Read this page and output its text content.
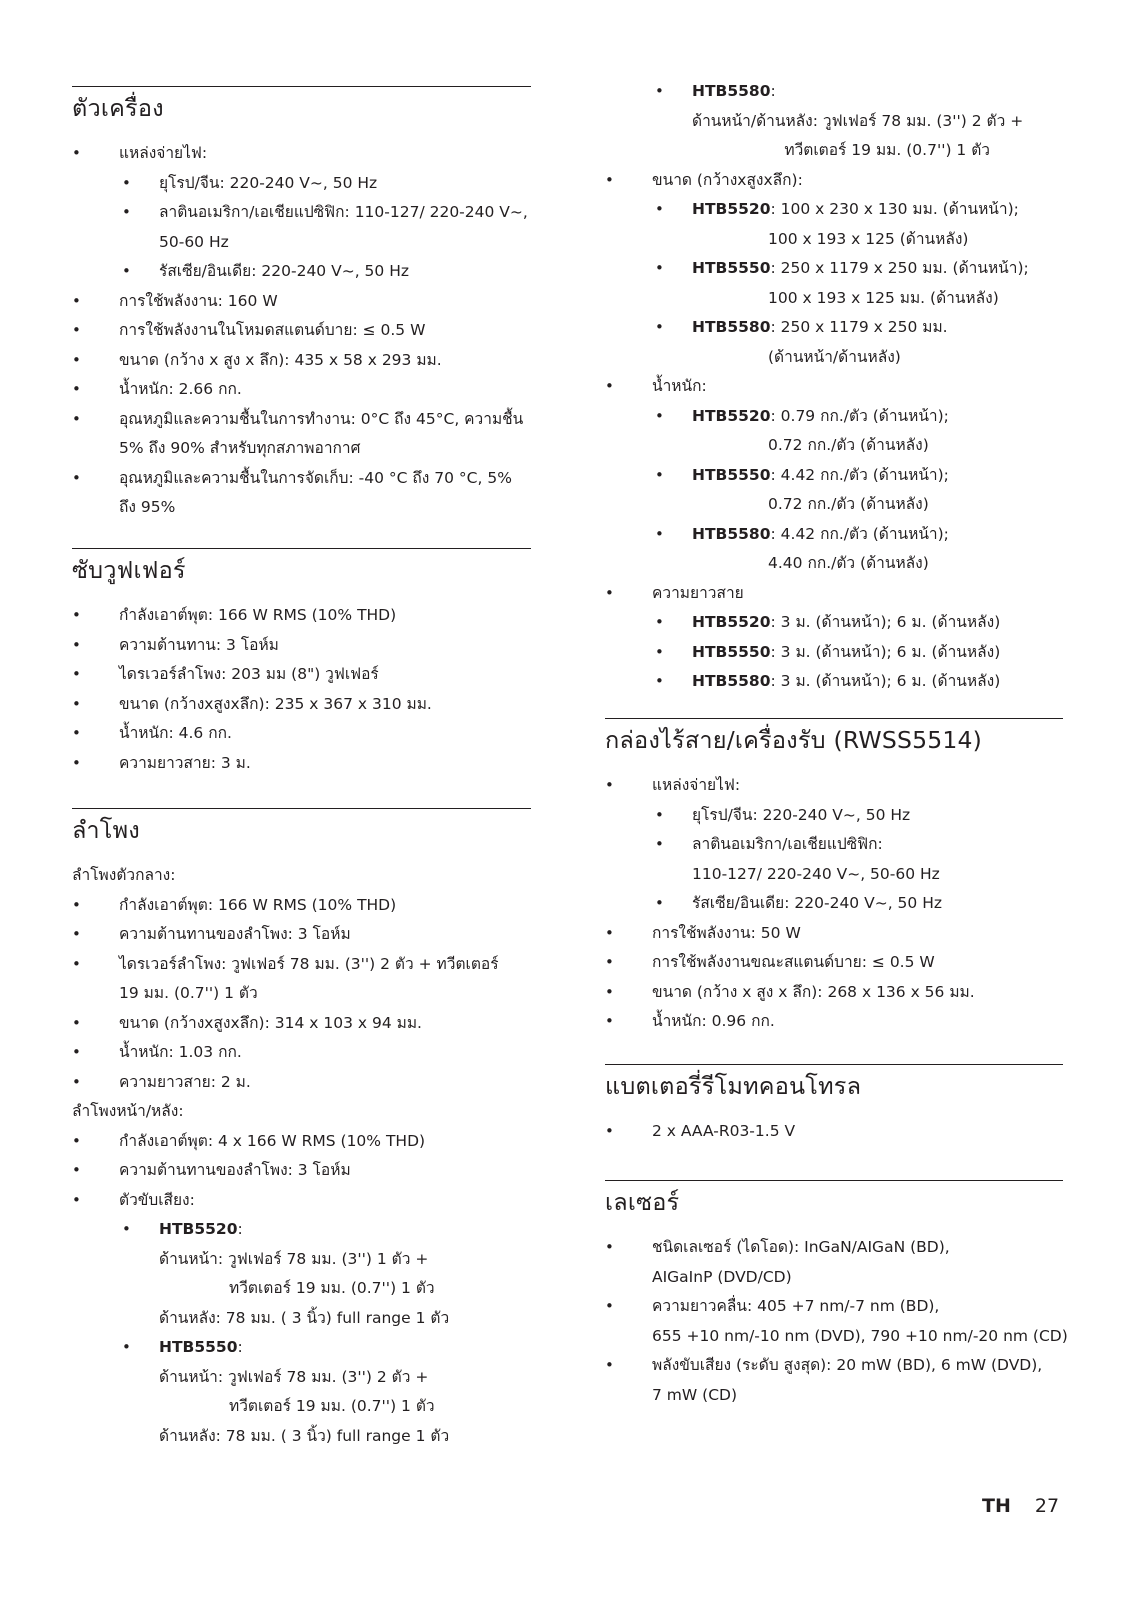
ตัวเครื่อง
• แหล่งจ่ายไฟ:
• ยุโรป/จีน: 220-240 V~, 50 Hz
• ลาตินอเมริกา/เอเชียแปซิฟิก: 110-127/ 220-240 V~,
50-60 Hz
• รัสเซีย/อินเดีย: 220-240 V~, 50 Hz
• การใช้พลังงาน: 160 W
• การใช้พลังงานในโหมดสแตนด์บาย: ≤ 0.5 W
• ขนาด (กว้าง x สูง x ลึก): 435 x 58 x 293 มม.
• น้ำหนัก: 2.66 กก.
• อุณหภูมิและความชื้นในการทำงาน: 0°C ถึง 45°C, ความชื้น
5% ถึง 90% สำหรับทุกสภาพอากาศ
• อุณหภูมิและความชื้นในการจัดเก็บ: -40 °C ถึง 70 °C, 5%
ถึง 95%
ซับวูฟเฟอร์
• กำลังเอาต์พุต: 166 W RMS (10% THD)
• ความต้านทาน: 3 โอห์ม
• ไดรเวอร์ลำโพง: 203 มม (8") วูฟเฟอร์
• ขนาด (กว้างxสูงxลึก): 235 x 367 x 310 มม.
• น้ำหนัก: 4.6 กก.
• ความยาวสาย: 3 ม.
ลำโพง
ลำโพงตัวกลาง:
• กำลังเอาต์พุต: 166 W RMS (10% THD)
• ความต้านทานของลำโพง: 3 โอห์ม
• ไดรเวอร์ลำโพง: วูฟเฟอร์ 78 มม. (3'') 2 ตัว + ทวีตเตอร์
19 มม. (0.7'') 1 ตัว
• ขนาด (กว้างxสูงxลึก): 314 x 103 x 94 มม.
• น้ำหนัก: 1.03 กก.
• ความยาวสาย: 2 ม.
ลำโพงหน้า/หลัง:
• กำลังเอาต์พุต: 4 x 166 W RMS (10% THD)
• ความต้านทานของลำโพง: 3 โอห์ม
• ตัวขับเสียง:
• HTB5520:
ด้านหน้า: วูฟเฟอร์ 78 มม. (3'') 1 ตัว +
ทวีตเตอร์ 19 มม. (0.7'') 1 ตัว
ด้านหลัง: 78 มม. ( 3 นิ้ว) full range 1 ตัว
• HTB5550:
ด้านหน้า: วูฟเฟอร์ 78 มม. (3'') 2 ตัว +
ทวีตเตอร์ 19 มม. (0.7'') 1 ตัว
ด้านหลัง: 78 มม. ( 3 นิ้ว) full range 1 ตัว
• HTB5580:
ด้านหน้า/ด้านหลัง: วูฟเฟอร์ 78 มม. (3'') 2 ตัว +
ทวีตเตอร์ 19 มม. (0.7'') 1 ตัว
• ขนาด (กว้างxสูงxลึก):
• HTB5520: 100 x 230 x 130 มม. (ด้านหน้า);
100 x 193 x 125 (ด้านหลัง)
• HTB5550: 250 x 1179 x 250 มม. (ด้านหน้า);
100 x 193 x 125 มม. (ด้านหลัง)
• HTB5580: 250 x 1179 x 250 มม.
(ด้านหน้า/ด้านหลัง)
• น้ำหนัก:
• HTB5520: 0.79 กก./ตัว (ด้านหน้า);
0.72 กก./ตัว (ด้านหลัง)
• HTB5550: 4.42 กก./ตัว (ด้านหน้า);
0.72 กก./ตัว (ด้านหลัง)
• HTB5580: 4.42 กก./ตัว (ด้านหน้า);
4.40 กก./ตัว (ด้านหลัง)
• ความยาวสาย
• HTB5520: 3 ม. (ด้านหน้า); 6 ม. (ด้านหลัง)
• HTB5550: 3 ม. (ด้านหน้า); 6 ม. (ด้านหลัง)
• HTB5580: 3 ม. (ด้านหน้า); 6 ม. (ด้านหลัง)
กล่องไร้สาย/เครื่องรับ (RWSS5514)
• แหล่งจ่ายไฟ:
• ยุโรป/จีน: 220-240 V~, 50 Hz
• ลาตินอเมริกา/เอเชียแปซิฟิก:
110-127/ 220-240 V~, 50-60 Hz
• รัสเซีย/อินเดีย: 220-240 V~, 50 Hz
• การใช้พลังงาน: 50 W
• การใช้พลังงานขณะสแตนด์บาย: ≤ 0.5 W
• ขนาด (กว้าง x สูง x ลึก): 268 x 136 x 56 มม.
• น้ำหนัก: 0.96 กก.
แบตเตอรี่รีโมทคอนโทรล
• 2 x AAA-R03-1.5 V
เลเซอร์
• ชนิดเลเซอร์ (ไดโอด): InGaN/AIGaN (BD),
AIGaInP (DVD/CD)
• ความยาวคลื่น: 405 +7 nm/-7 nm (BD),
655 +10 nm/-10 nm (DVD), 790 +10 nm/-20 nm (CD)
• พลังขับเสียง (ระดับ สูงสุด): 20 mW (BD), 6 mW (DVD),
7 mW (CD)
TH 27
